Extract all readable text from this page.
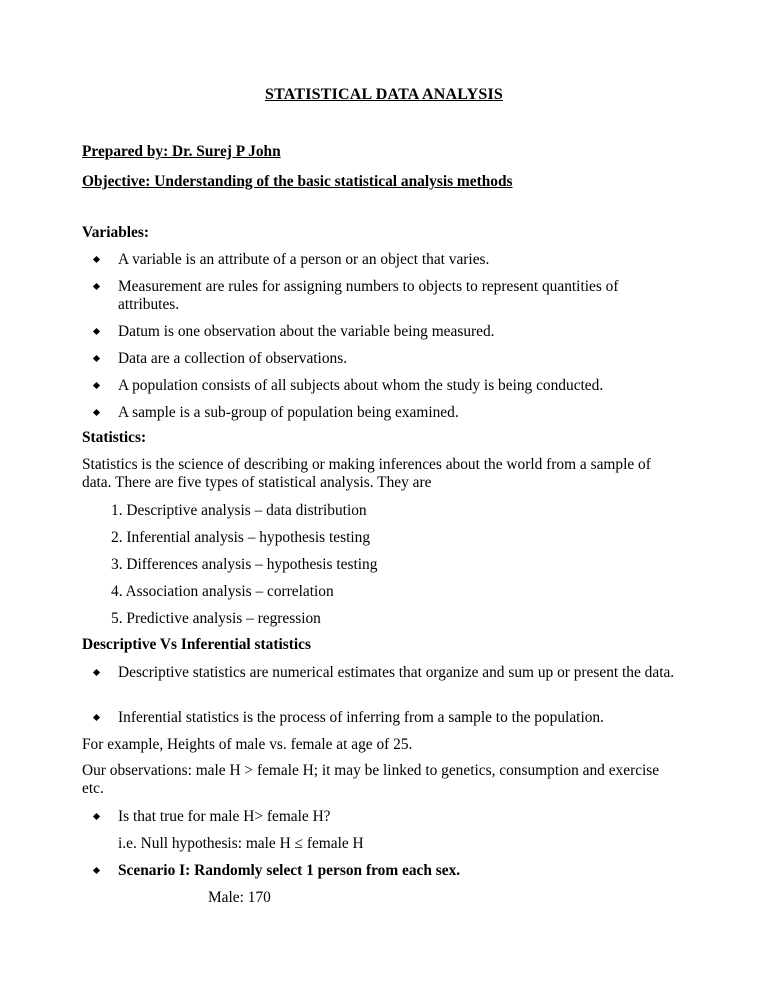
STATISTICAL DATA ANALYSIS
Prepared by: Dr. Surej P John
Objective: Understanding of the basic statistical analysis methods
Variables:
A variable is an attribute of a person or an object that varies.
Measurement are rules for assigning numbers to objects to represent quantities of attributes.
Datum is one observation about the variable being measured.
Data are a collection of observations.
A population consists of all subjects about whom the study is being conducted.
A sample is a sub-group of population being examined.
Statistics:
Statistics is the science of describing or making inferences about the world from a sample of data. There are five types of statistical analysis. They are
1. Descriptive analysis – data distribution
2. Inferential analysis – hypothesis testing
3. Differences analysis – hypothesis testing
4. Association analysis – correlation
5. Predictive analysis – regression
Descriptive Vs Inferential statistics
Descriptive statistics are numerical estimates that organize and sum up or present the data.
Inferential statistics is the process of inferring from a sample to the population.
For example, Heights of male vs. female at age of 25.
Our observations: male H > female H; it may be linked to genetics, consumption and exercise etc.
Is that true for male H> female H?
i.e. Null hypothesis: male H ≤ female H
Scenario I: Randomly select 1 person from each sex.
Male: 170
